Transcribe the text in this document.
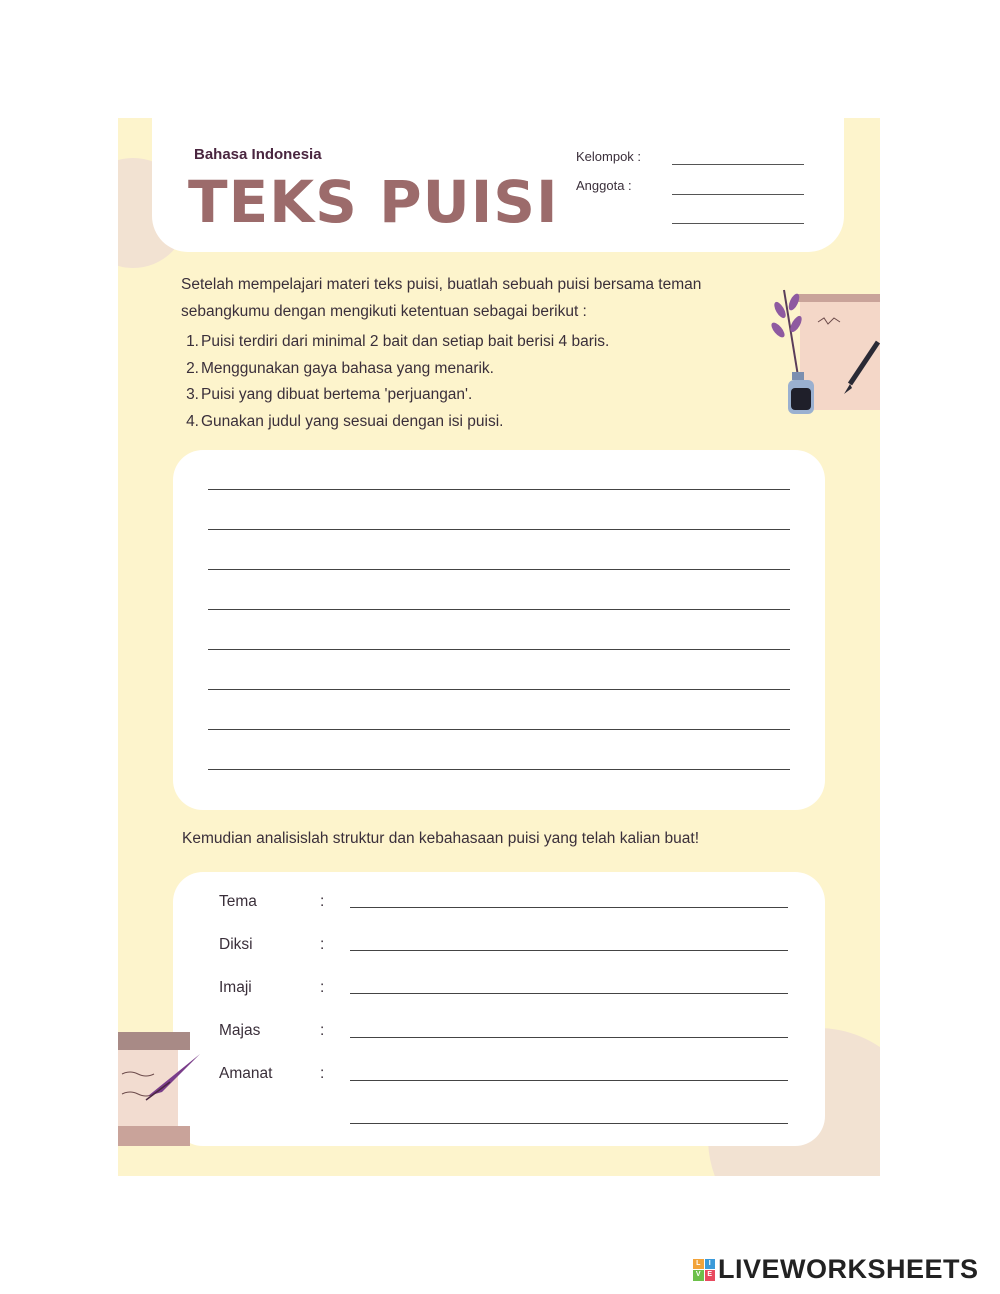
Bahasa Indonesia
TEKS PUISI
Kelompok :
Anggota :
Setelah mempelajari materi teks puisi, buatlah sebuah puisi bersama teman sebangkumu dengan mengikuti ketentuan sebagai berikut :
1. Puisi terdiri dari minimal 2 bait dan setiap bait berisi 4 baris.
2. Menggunakan gaya bahasa yang menarik.
3. Puisi yang dibuat bertema 'perjuangan'.
4. Gunakan judul yang sesuai dengan isi puisi.
Kemudian analisislah struktur dan kebahasaan puisi yang telah kalian buat!
Tema	:
Diksi	:
Imaji	:
Majas	:
Amanat	:
L	I
V E LIVEWORKSHEETS
